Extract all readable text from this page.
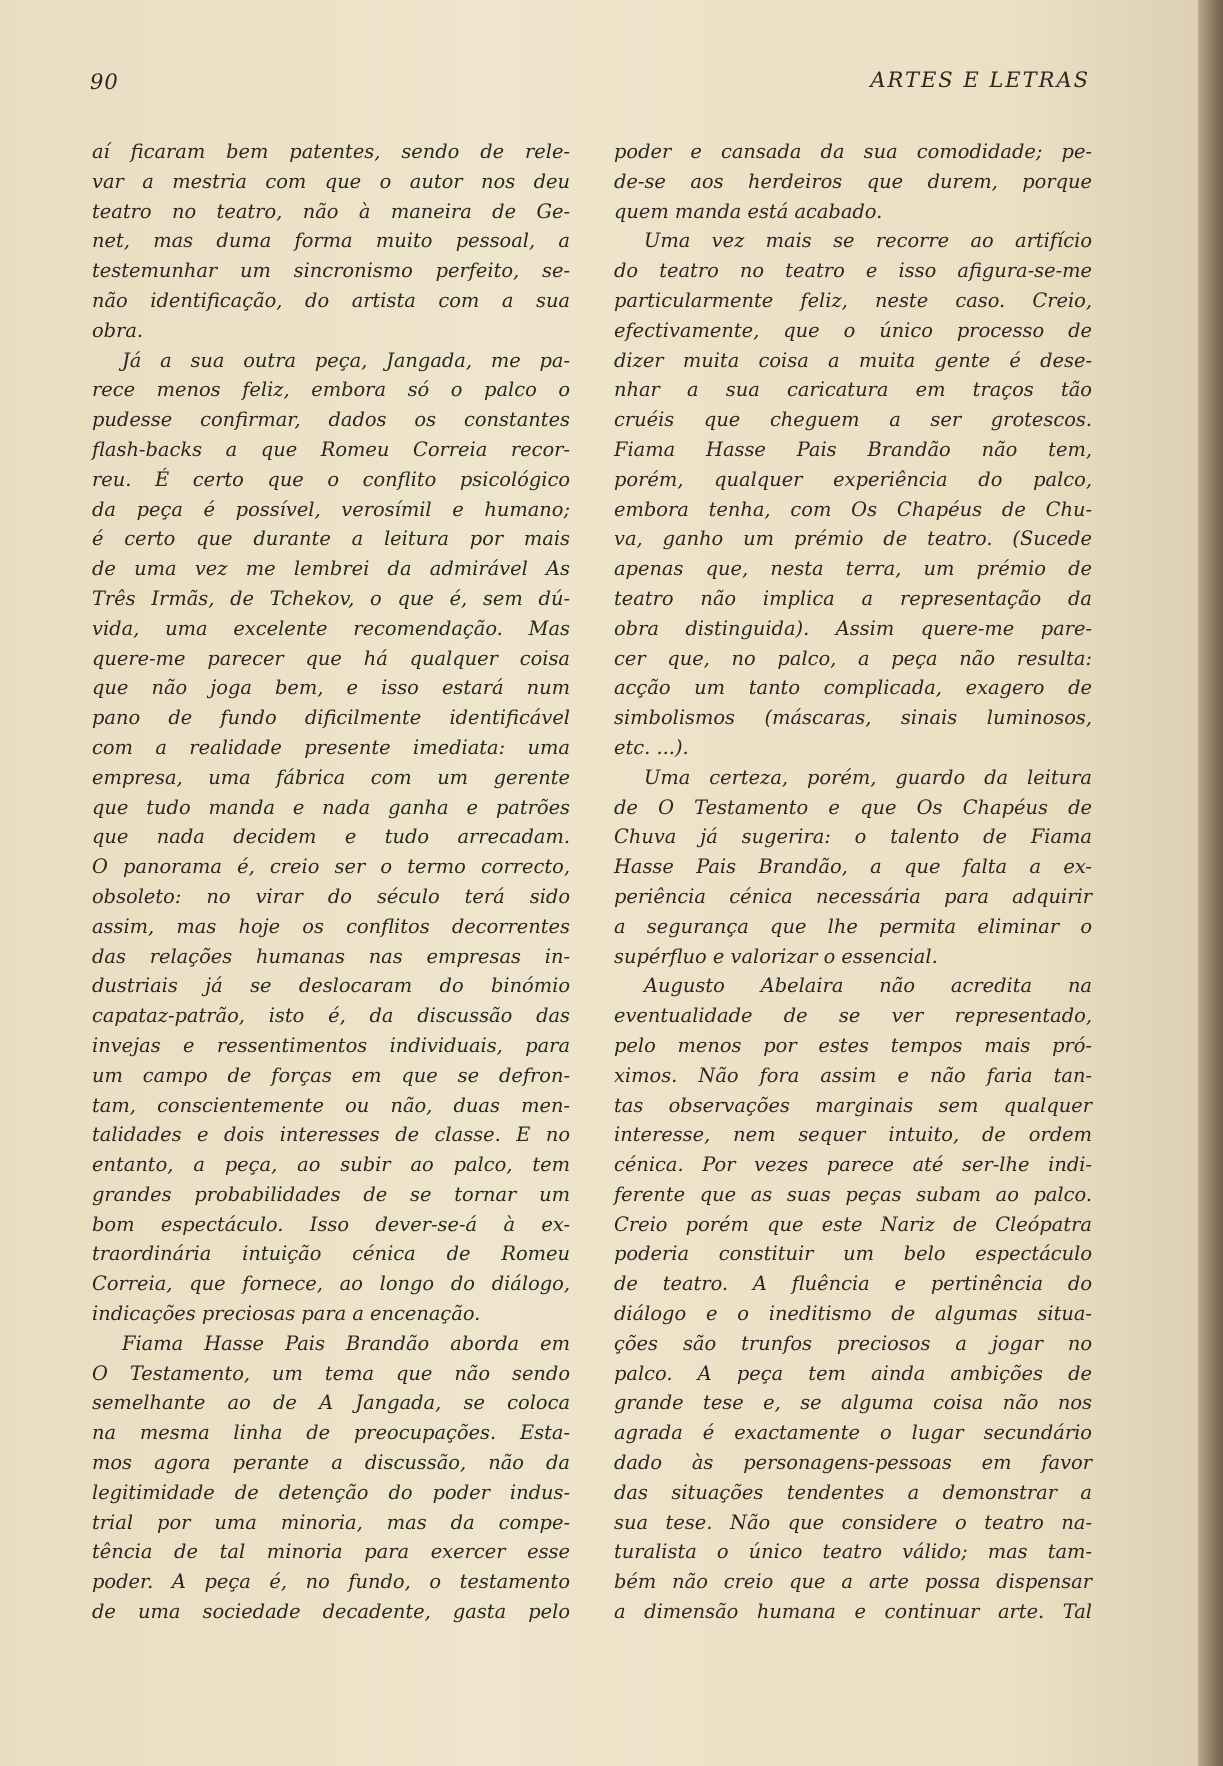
90	ARTES E LETRAS
aí ficaram bem patentes, sendo de rele-
var a mestria com que o autor nos deu
teatro no teatro, não à maneira de Ge-
net, mas duma forma muito pessoal, a
testemunhar um sincronismo perfeito, se-
não identificação, do artista com a sua
obra.
Já a sua outra peça, Jangada, me pa-
rece menos feliz, embora só o palco o
pudesse confirmar, dados os constantes
flash-backs a que Romeu Correia recor-
reu. É certo que o conflito psicológico
da peça é possível, verosímil e humano;
é certo que durante a leitura por mais
de uma vez me lembrei da admirável As
Três Irmãs, de Tchekov, o que é, sem dú-
vida, uma excelente recomendação. Mas
quere-me parecer que há qualquer coisa
que não joga bem, e isso estará num
pano de fundo dificilmente identificável
com a realidade presente imediata: uma
empresa, uma fábrica com um gerente
que tudo manda e nada ganha e patrões
que nada decidem e tudo arrecadam.
O panorama é, creio ser o termo correcto,
obsoleto: no virar do século terá sido
assim, mas hoje os conflitos decorrentes
das relações humanas nas empresas in-
dustriais já se deslocaram do binómio
capataz-patrão, isto é, da discussão das
invejas e ressentimentos individuais, para
um campo de forças em que se defron-
tam, conscientemente ou não, duas men-
talidades e dois interesses de classe. E no
entanto, a peça, ao subir ao palco, tem
grandes probabilidades de se tornar um
bom espectáculo. Isso dever-se-á à ex-
traordinária intuição cénica de Romeu
Correia, que fornece, ao longo do diálogo,
indicações preciosas para a encenação.
Fiama Hasse Pais Brandão aborda em
O Testamento, um tema que não sendo
semelhante ao de A Jangada, se coloca
na mesma linha de preocupações. Esta-
mos agora perante a discussão, não da
legitimidade de detenção do poder indus-
trial por uma minoria, mas da compe-
tência de tal minoria para exercer esse
poder. A peça é, no fundo, o testamento
de uma sociedade decadente, gasta pelo
poder e cansada da sua comodidade; pe-
de-se aos herdeiros que durem, porque
quem manda está acabado.
Uma vez mais se recorre ao artifício
do teatro no teatro e isso afigura-se-me
particularmente feliz, neste caso. Creio,
efectivamente, que o único processo de
dizer muita coisa a muita gente é dese-
nhar a sua caricatura em traços tão
cruéis que cheguem a ser grotescos.
Fiama Hasse Pais Brandão não tem,
porém, qualquer experiência do palco,
embora tenha, com Os Chapéus de Chu-
va, ganho um prémio de teatro. (Sucede
apenas que, nesta terra, um prémio de
teatro não implica a representação da
obra distinguida). Assim quere-me pare-
cer que, no palco, a peça não resulta:
acção um tanto complicada, exagero de
simbolismos (máscaras, sinais luminosos,
etc. ...).
Uma certeza, porém, guardo da leitura
de O Testamento e que Os Chapéus de
Chuva já sugerira: o talento de Fiama
Hasse Pais Brandão, a que falta a ex-
periência cénica necessária para adquirir
a segurança que lhe permita eliminar o
supérfluo e valorizar o essencial.
Augusto Abelaira não acredita na
eventualidade de se ver representado,
pelo menos por estes tempos mais pró-
ximos. Não fora assim e não faria tan-
tas observações marginais sem qualquer
interesse, nem sequer intuito, de ordem
cénica. Por vezes parece até ser-lhe indi-
ferente que as suas peças subam ao palco.
Creio porém que este Nariz de Cleópatra
poderia constituir um belo espectáculo
de teatro. A fluência e pertinência do
diálogo e o ineditismo de algumas situa-
ções são trunfos preciosos a jogar no
palco. A peça tem ainda ambições de
grande tese e, se alguma coisa não nos
agrada é exactamente o lugar secundário
dado às personagens-pessoas em favor
das situações tendentes a demonstrar a
sua tese. Não que considere o teatro na-
turalista o único teatro válido; mas tam-
bém não creio que a arte possa dispensar
a dimensão humana e continuar arte. Tal
